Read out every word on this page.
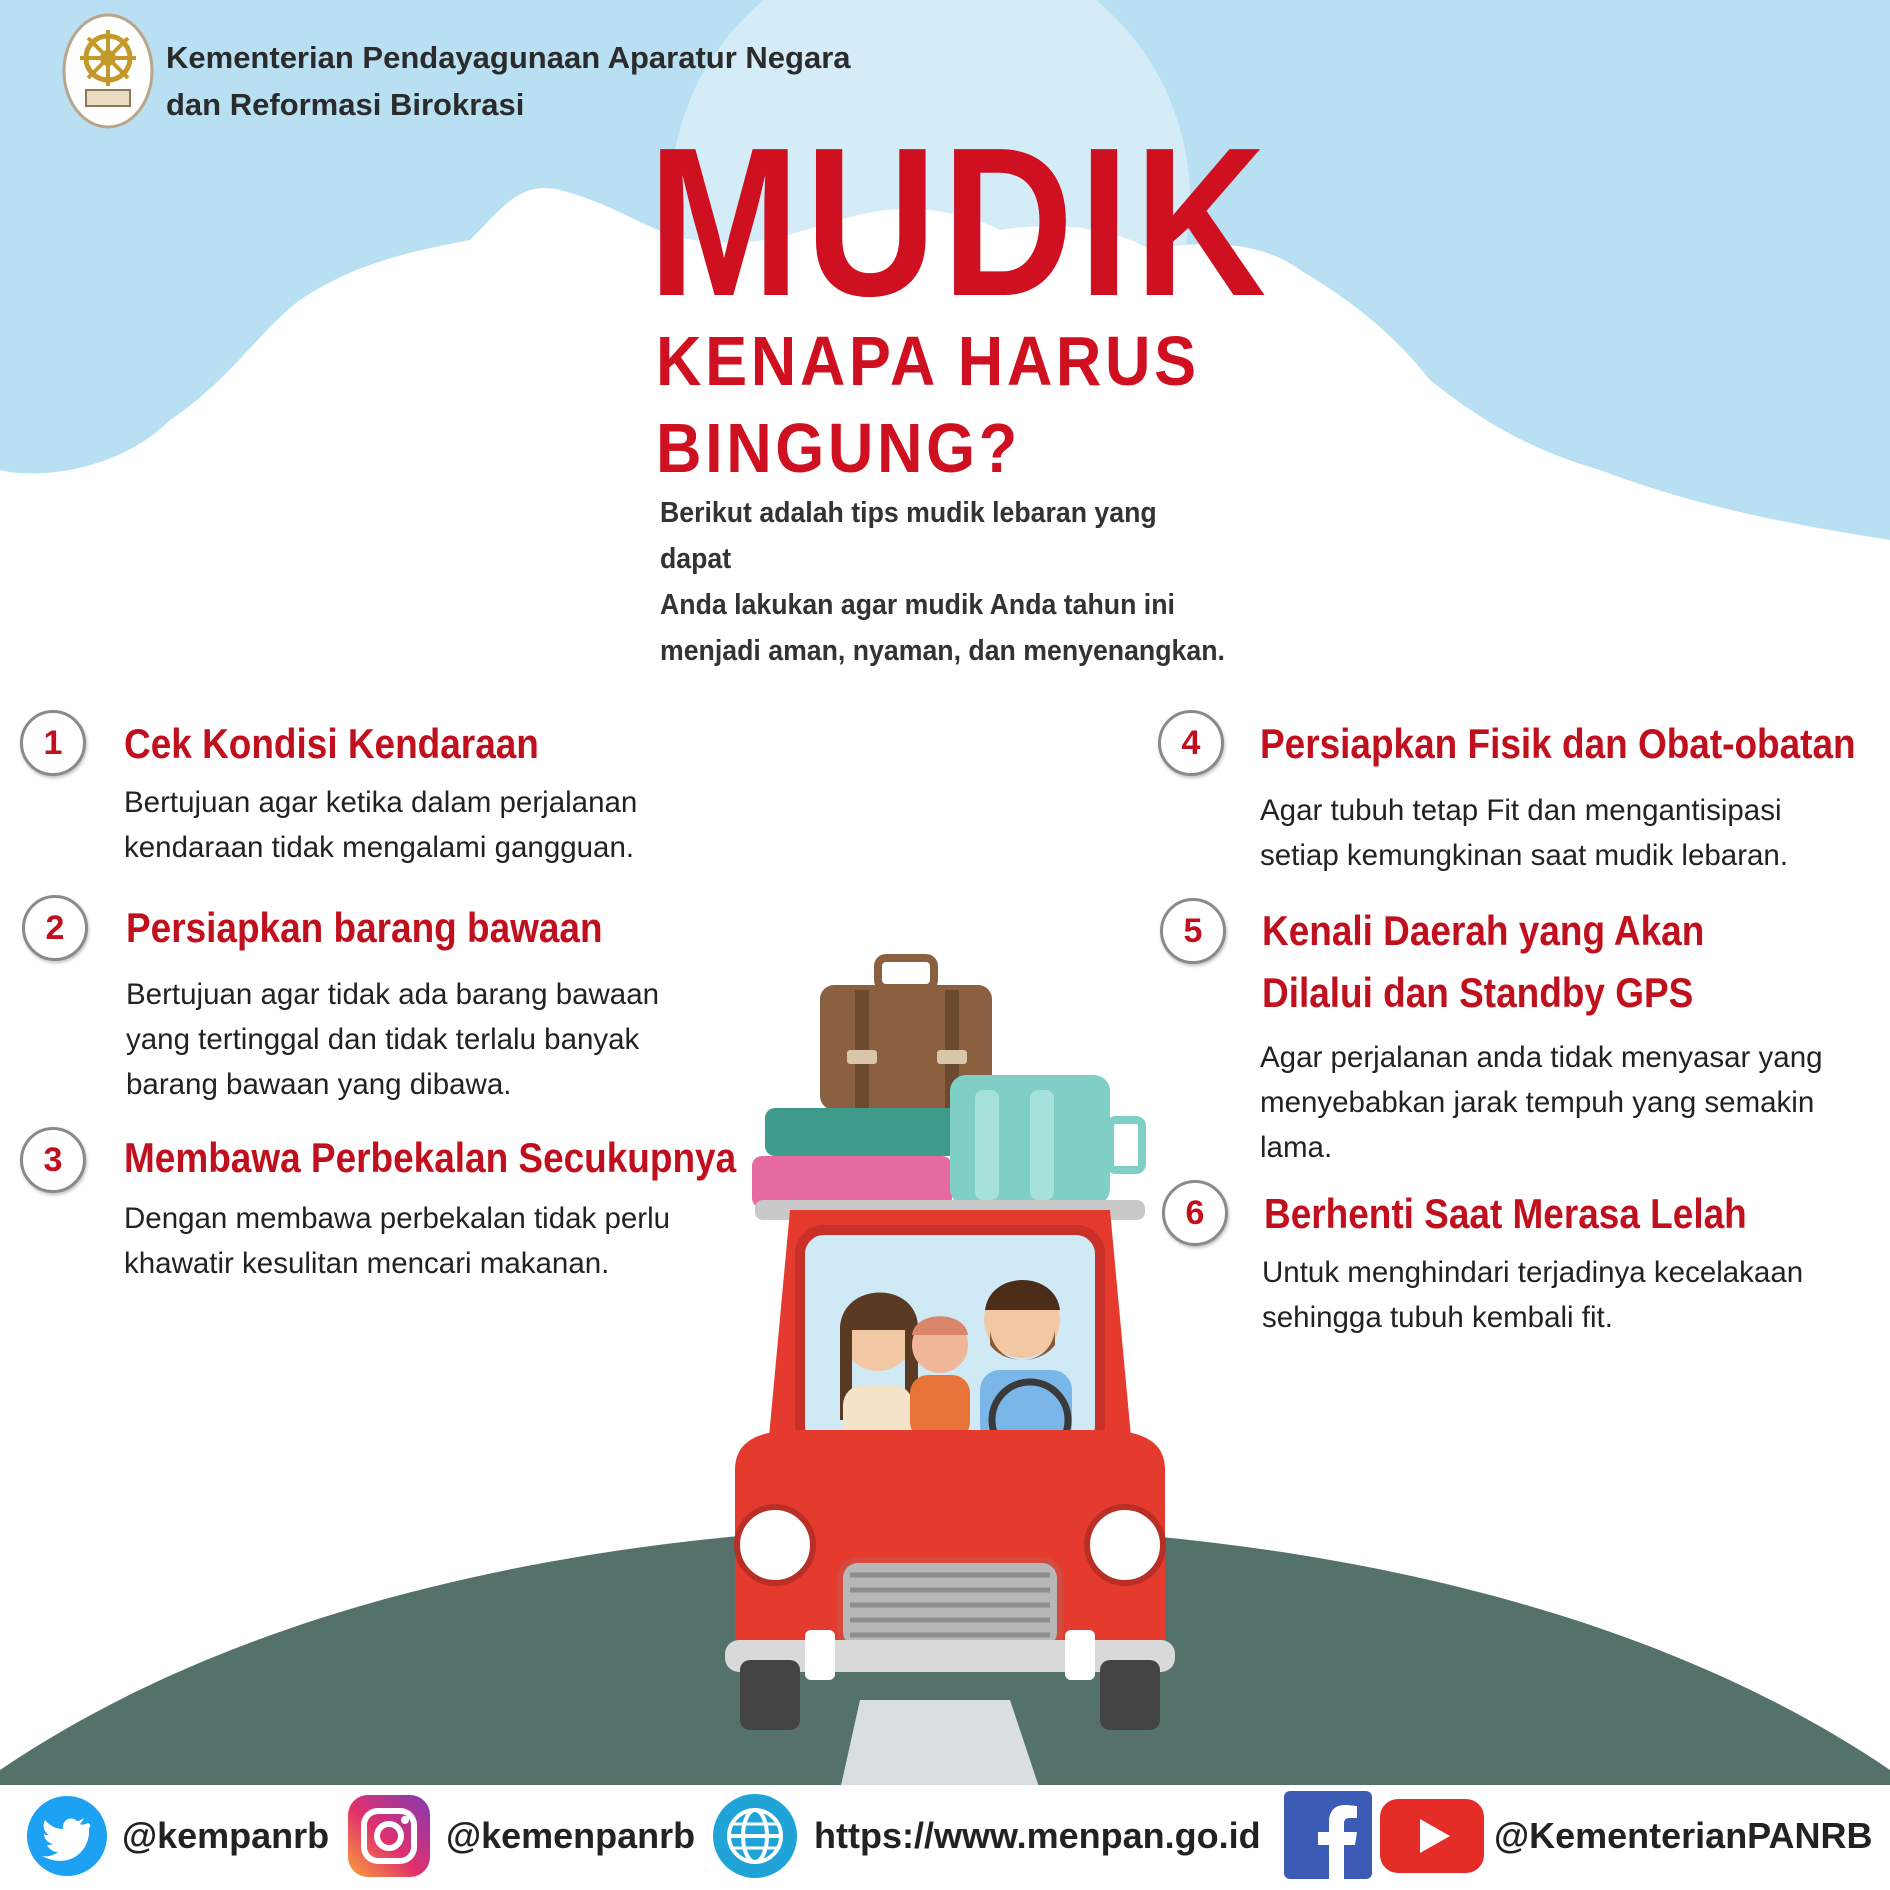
Kementerian Pendayagunaan Aparatur Negara
dan Reformasi Birokrasi MUDIK
KENAPA HARUS
BINGUNG?
Berikut adalah tips mudik lebaran yang dapat
Anda lakukan agar mudik Anda tahun ini
menjadi aman, nyaman, dan menyenangkan.
1	Cek Kondisi Kendaraan
Bertujuan agar ketika dalam perjalanan
kendaraan tidak mengalami gangguan.
2	Persiapkan barang bawaan
Bertujuan agar tidak ada barang bawaan
yang tertinggal dan tidak terlalu banyak
barang bawaan yang dibawa.
3	Membawa Perbekalan Secukupnya
Dengan membawa perbekalan tidak perlu
khawatir kesulitan mencari makanan.
4	Persiapkan Fisik dan Obat-obatan
Agar tubuh tetap Fit dan mengantisipasi
setiap kemungkinan saat mudik lebaran.
5	Kenali Daerah yang Akan
Dilalui dan Standby GPS
Agar perjalanan anda tidak menyasar yang
menyebabkan jarak tempuh yang semakin
lama.
6	Berhenti Saat Merasa Lelah
Untuk menghindari terjadinya kecelakaan
sehingga tubuh kembali fit.
@kempanrb	@kemenpanrb	https://www.menpan.go.id	@KementerianPANRB
